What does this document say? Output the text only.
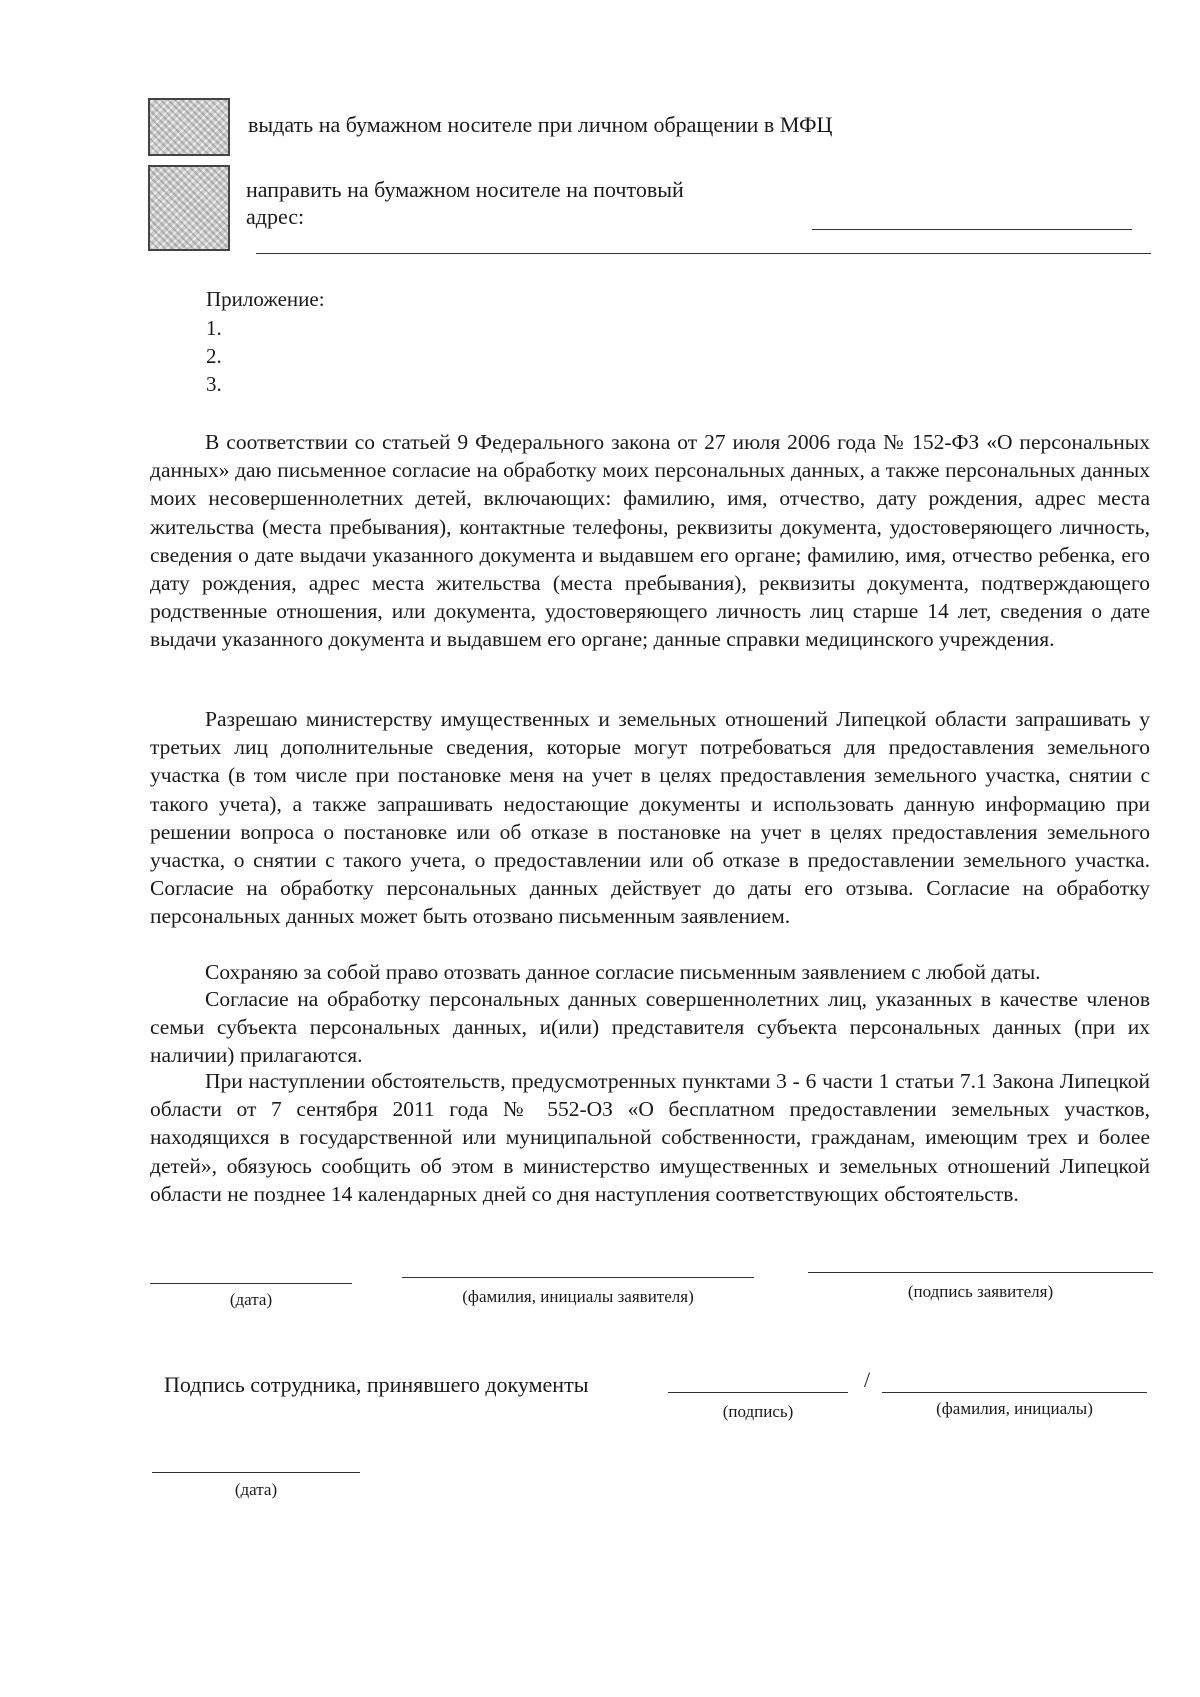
выдать на бумажном носителе при личном обращении в МФЦ
направить на бумажном носителе на почтовый
адрес:
Приложение:
1.
2.
3.

В соответствии со статьей 9 Федерального закона от 27 июля 2006 года № 152-ФЗ «О персональных данных» даю письменное согласие на обработку моих персональных данных, а также персональных данных моих несовершеннолетних детей, включающих: фамилию, имя, отчество, дату рождения, адрес места жительства (места пребывания), контактные телефоны, реквизиты документа, удостоверяющего личность, сведения о дате выдачи указанного документа и выдавшем его органе; фамилию, имя, отчество ребенка, его дату рождения, адрес места жительства (места пребывания), реквизиты документа, подтверждающего родственные отношения, или документа, удостоверяющего личность лиц старше 14 лет, сведения о дате выдачи указанного документа и выдавшем его органе; данные справки медицинского учреждения.

Разрешаю министерству имущественных и земельных отношений Липецкой области запрашивать у третьих лиц дополнительные сведения, которые могут потребоваться для предоставления земельного участка (в том числе при постановке меня на учет в целях предоставления земельного участка, снятии с такого учета), а также запрашивать недостающие документы и использовать данную информацию при решении вопроса о постановке или об отказе в постановке на учет в целях предоставления земельного участка, о снятии с такого учета, о предоставлении или об отказе в предоставлении земельного участка. Согласие на обработку персональных данных действует до даты его отзыва. Согласие на обработку персональных данных может быть отозвано письменным заявлением.

Сохраняю за собой право отозвать данное согласие письменным заявлением с любой даты.

Согласие на обработку персональных данных совершеннолетних лиц, указанных в качестве членов семьи субъекта персональных данных, и(или) представителя субъекта персональных данных (при их наличии) прилагаются.

При наступлении обстоятельств, предусмотренных пунктами 3 - 6 части 1 статьи 7.1 Закона Липецкой области от 7 сентября 2011 года № 552-ОЗ «О бесплатном предоставлении земельных участков, находящихся в государственной или муниципальной собственности, гражданам, имеющим трех и более детей», обязуюсь сообщить об этом в министерство имущественных и земельных отношений Липецкой области не позднее 14 календарных дней со дня наступления соответствующих обстоятельств.

(дата)	(фамилия, инициалы заявителя)	(подпись заявителя)
Подпись сотрудника, принявшего документы	/
(подпись)	(фамилия, инициалы)
(дата)
